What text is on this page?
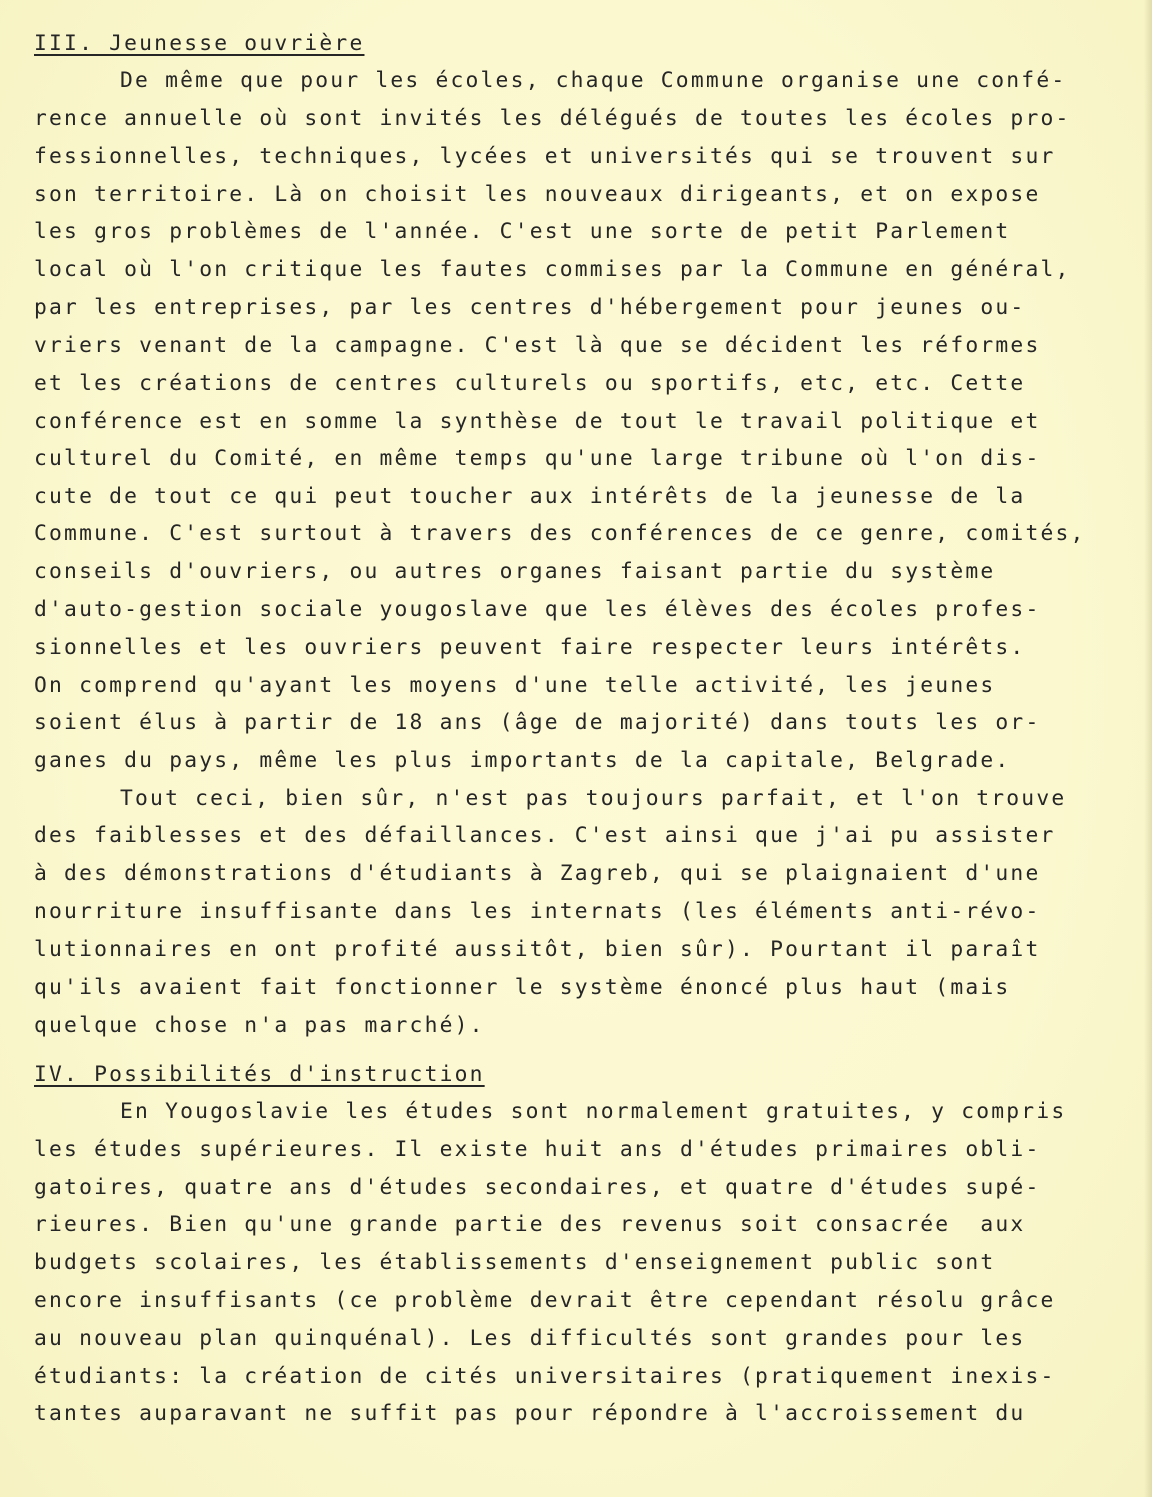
III. Jeunesse ouvrière

De même que pour les écoles, chaque Commune organise une confé-

rence annuelle où sont invités les délégués de toutes les écoles pro-

fessionnelles, techniques, lycées et universités qui se trouvent sur

son territoire. Là on choisit les nouveaux dirigeants, et on expose

les gros problèmes de l'année. C'est une sorte de petit Parlement

local où l'on critique les fautes commises par la Commune en général,

par les entreprises, par les centres d'hébergement pour jeunes ou-

vriers venant de la campagne. C'est là que se décident les réformes

et les créations de centres culturels ou sportifs, etc, etc. Cette

conférence est en somme la synthèse de tout le travail politique et

culturel du Comité, en même temps qu'une large tribune où l'on dis-

cute de tout ce qui peut toucher aux intérêts de la jeunesse de la

Commune. C'est surtout à travers des conférences de ce genre, comités,

conseils d'ouvriers, ou autres organes faisant partie du système

d'auto-gestion sociale yougoslave que les élèves des écoles profes-

sionnelles et les ouvriers peuvent faire respecter leurs intérêts.

On comprend qu'ayant les moyens d'une telle activité, les jeunes

soient élus à partir de 18 ans (âge de majorité) dans touts les or-

ganes du pays, même les plus importants de la capitale, Belgrade.

Tout ceci, bien sûr, n'est pas toujours parfait, et l'on trouve

des faiblesses et des défaillances. C'est ainsi que j'ai pu assister

à des démonstrations d'étudiants à Zagreb, qui se plaignaient d'une

nourriture insuffisante dans les internats (les éléments anti-révo-

lutionnaires en ont profité aussitôt, bien sûr). Pourtant il paraît

qu'ils avaient fait fonctionner le système énoncé plus haut (mais

quelque chose n'a pas marché).

IV. Possibilités d'instruction

En Yougoslavie les études sont normalement gratuites, y compris

les études supérieures. Il existe huit ans d'études primaires obli-

gatoires, quatre ans d'études secondaires, et quatre d'études supé-

rieures. Bien qu'une grande partie des revenus soit consacrée  aux

budgets scolaires, les établissements d'enseignement public sont

encore insuffisants (ce problème devrait être cependant résolu grâce

au nouveau plan quinquénal). Les difficultés sont grandes pour les

étudiants: la création de cités universitaires (pratiquement inexis-

tantes auparavant ne suffit pas pour répondre à l'accroissement du
